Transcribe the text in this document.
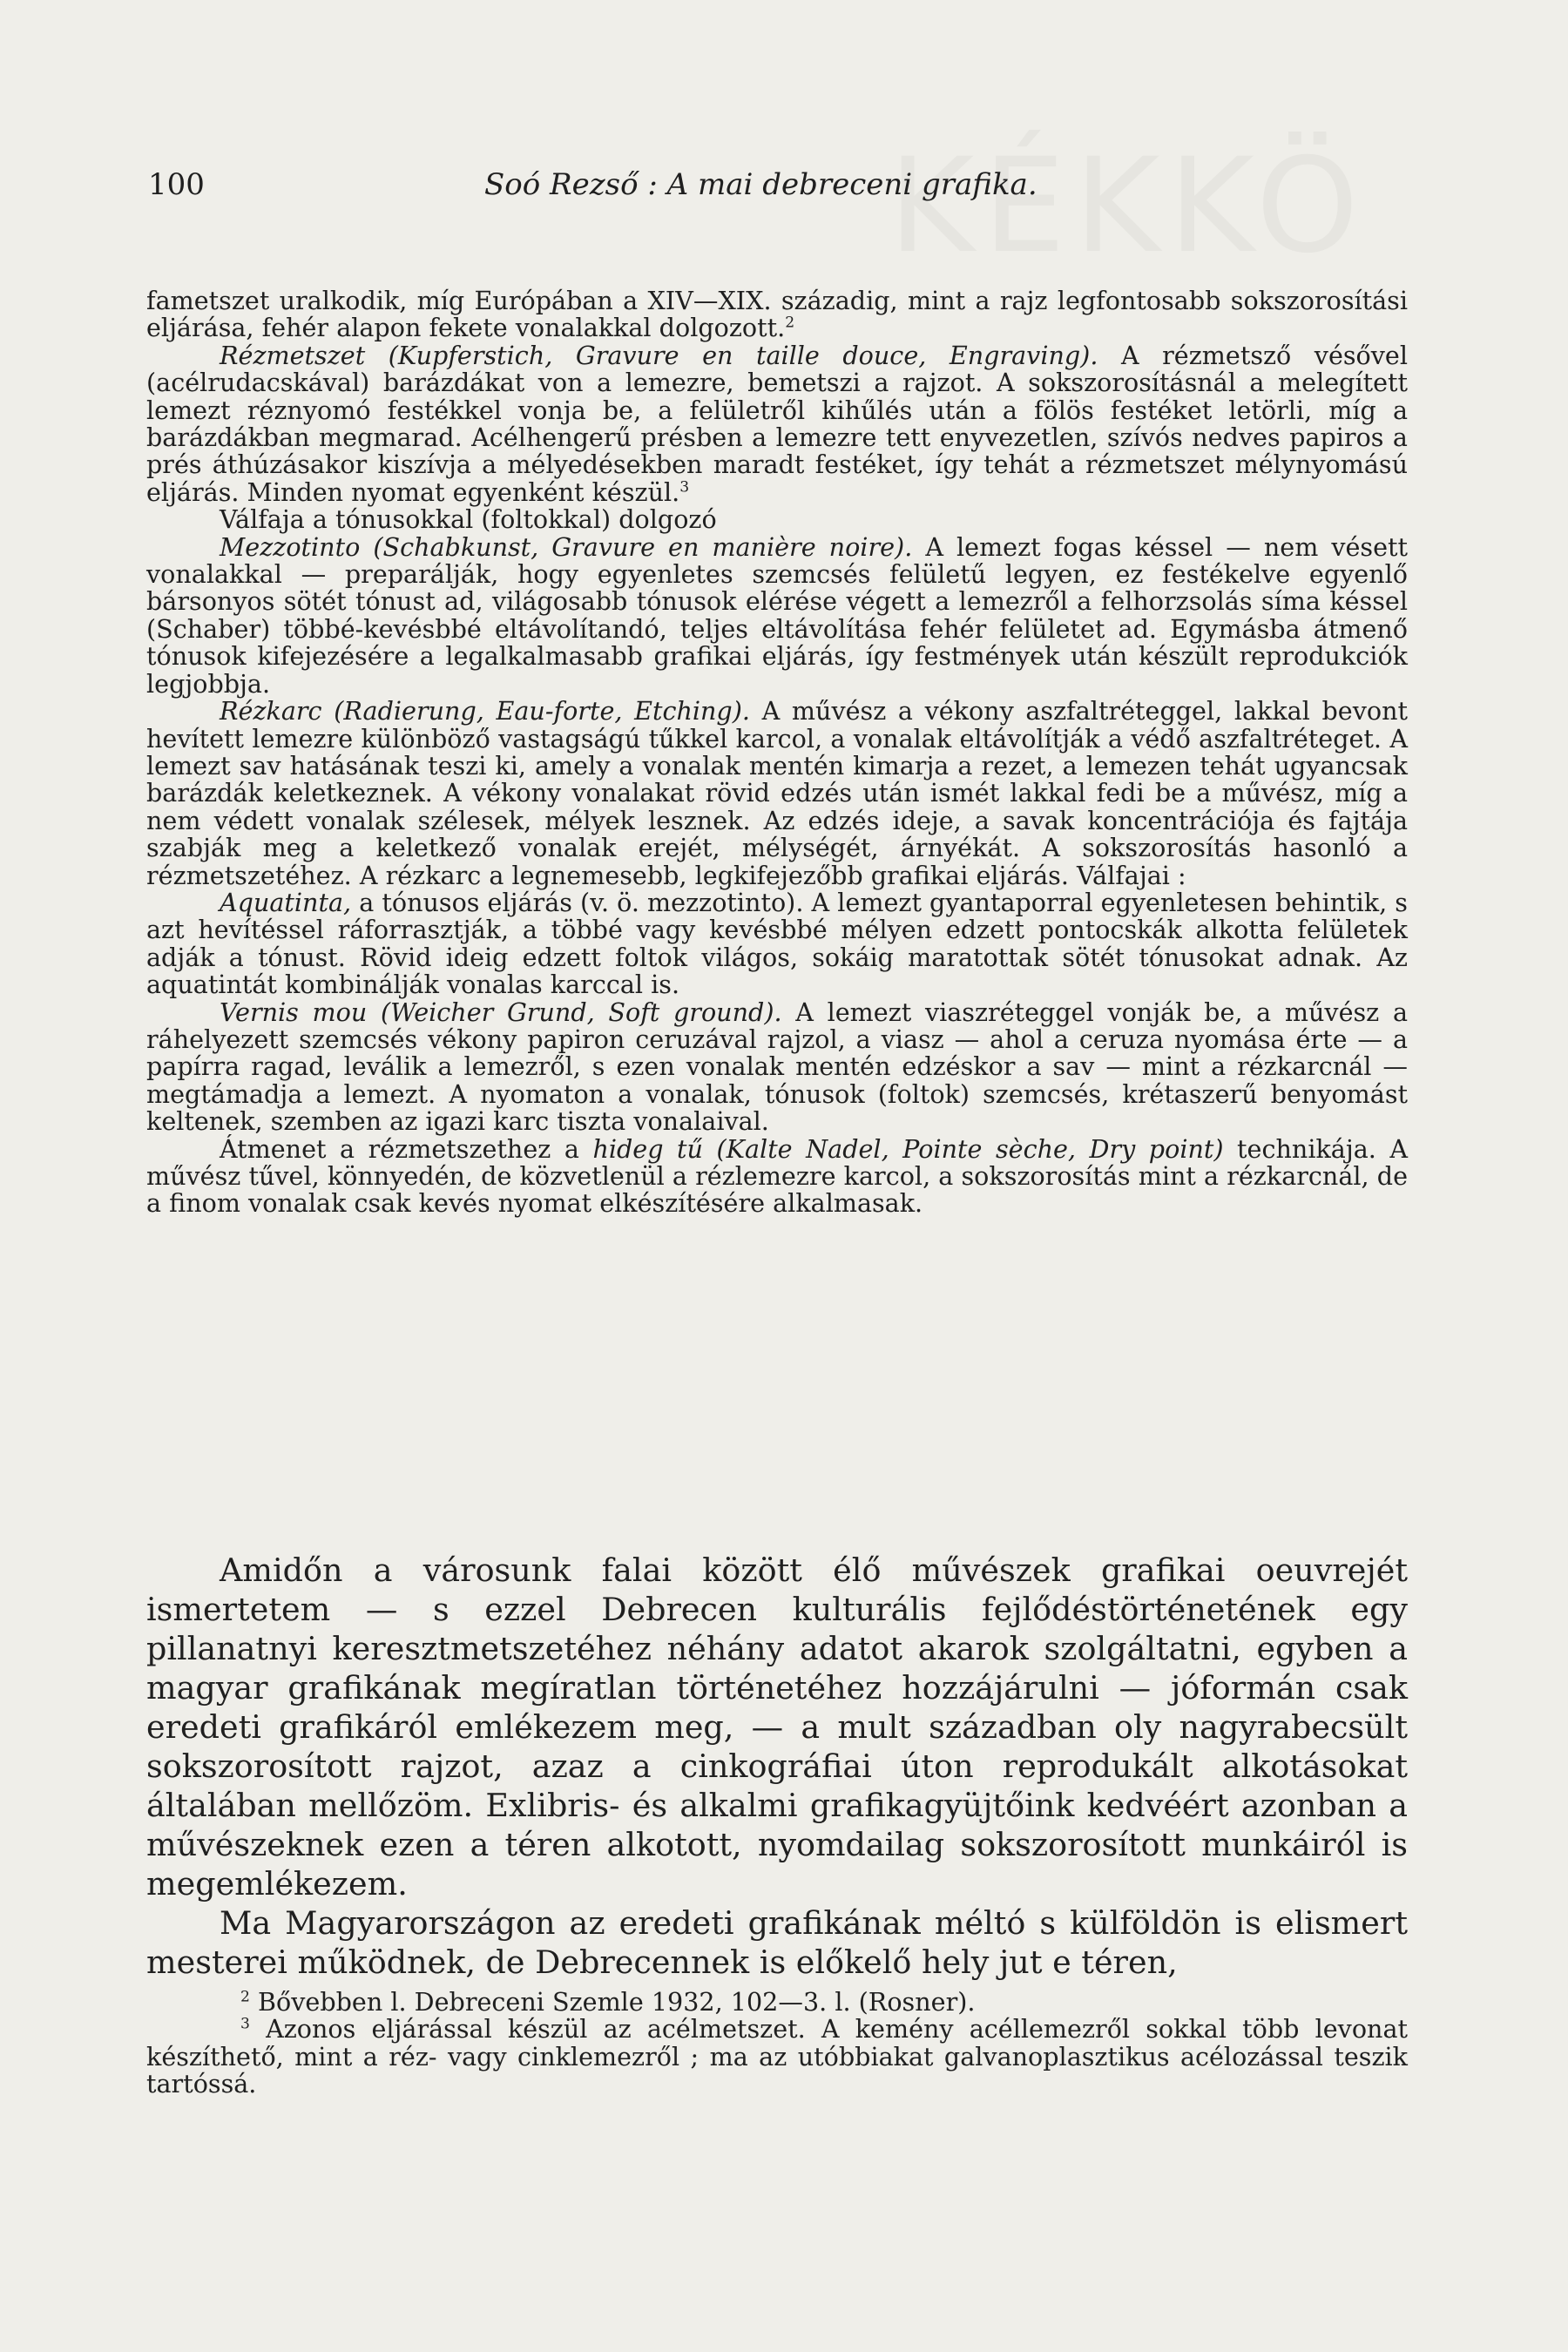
100	Soó Rezső : A mai debreceni grafika.

fametszet uralkodik, míg Európában a XIV—XIX. századig, mint a rajz legfontosabb sokszorosítási eljárása, fehér alapon fekete vonalakkal dolgozott.$^2$

Rézmetszet (Kupferstich, Gravure en taille douce, Engraving). A rézmetsző vésővel (acélrudacskával) barázdákat von a lemezre, bemetszi a rajzot. A sokszorosításnál a melegített lemezt réznyomó festékkel vonja be, a felületről kihűlés után a fölös festéket letörli, míg a barázdákban megmarad. Acélhengerű présben a lemezre tett enyvezetlen, szívós nedves papiros a prés áthúzásakor kiszívja a mélyedésekben maradt festéket, így tehát a rézmetszet mélynyomású eljárás. Minden nyomat egyenként készül.$^3$

Válfaja a tónusokkal (foltokkal) dolgozó

Mezzotinto (Schabkunst, Gravure en manière noire). A lemezt fogas késsel — nem vésett vonalakkal — preparálják, hogy egyenletes szemcsés felületű legyen, ez festékelve egyenlő bársonyos sötét tónust ad, világosabb tónusok elérése végett a lemezről a felhorzsolás síma késsel (Schaber) többé-kevésbbé eltávolítandó, teljes eltávolítása fehér felületet ad. Egymásba átmenő tónusok kifejezésére a legalkalmasabb grafikai eljárás, így festmények után készült reprodukciók legjobbja.

Rézkarc (Radierung, Eau-forte, Etching). A művész a vékony aszfaltréteggel, lakkal bevont hevített lemezre különböző vastagságú tűkkel karcol, a vonalak eltávolítják a védő aszfaltréteget. A lemezt sav hatásának teszi ki, amely a vonalak mentén kimarja a rezet, a lemezen tehát ugyancsak barázdák keletkeznek. A vékony vonalakat rövid edzés után ismét lakkal fedi be a művész, míg a nem védett vonalak szélesek, mélyek lesznek. Az edzés ideje, a savak koncentrációja és fajtája szabják meg a keletkező vonalak erejét, mélységét, árnyékát. A sokszorosítás hasonló a rézmetszetéhez. A rézkarc a legnemesebb, legkifejezőbb grafikai eljárás. Válfajai :

Aquatinta, a tónusos eljárás (v. ö. mezzotinto). A lemezt gyantaporral egyenletesen behintik, s azt hevítéssel ráforrasztják, a többé vagy kevésbbé mélyen edzett pontocskák alkotta felületek adják a tónust. Rövid ideig edzett foltok világos, sokáig maratottak sötét tónusokat adnak. Az aquatintát kombinálják vonalas karccal is.

Vernis mou (Weicher Grund, Soft ground). A lemezt viaszréteggel vonják be, a művész a ráhelyezett szemcsés vékony papiron ceruzával rajzol, a viasz — ahol a ceruza nyomása érte — a papírra ragad, leválik a lemezről, s ezen vonalak mentén edzéskor a sav — mint a rézkarcnál — megtámadja a lemezt. A nyomaton a vonalak, tónusok (foltok) szemcsés, krétaszerű benyomást keltenek, szemben az igazi karc tiszta vonalaival.

Átmenet a rézmetszethez a hideg tű (Kalte Nadel, Pointe sèche, Dry point) technikája. A művész tűvel, könnyedén, de közvetlenül a rézlemezre karcol, a sokszorosítás mint a rézkarcnál, de a finom vonalak csak kevés nyomat elkészítésére alkalmasak.

Amidőn a városunk falai között élő művészek grafikai oeuvrejét ismertetem — s ezzel Debrecen kulturális fejlődéstörténetének egy pillanatnyi keresztmetszetéhez néhány adatot akarok szolgáltatni, egyben a magyar grafikának megíratlan történetéhez hozzájárulni — jóformán csak eredeti grafikáról emlékezem meg, — a mult században oly nagyrabecsült sokszorosított rajzot, azaz a cinkográfiai úton reprodukált alkotásokat általában mellőzöm. Exlibris- és alkalmi grafikagyüjtőink kedvéért azonban a művészeknek ezen a téren alkotott, nyomdailag sokszorosított munkáiról is megemlékezem.

Ma Magyarországon az eredeti grafikának méltó s külföldön is elismert mesterei működnek, de Debrecennek is előkelő hely jut e téren,

$^2$ Bővebben l. Debreceni Szemle 1932, 102—3. l. (Rosner).

$^3$ Azonos eljárással készül az acélmetszet. A kemény acéllemezről sokkal több levonat készíthető, mint a réz- vagy cinklemezről ; ma az utóbbiakat galvanoplasztikus acélozással teszik tartóssá.
